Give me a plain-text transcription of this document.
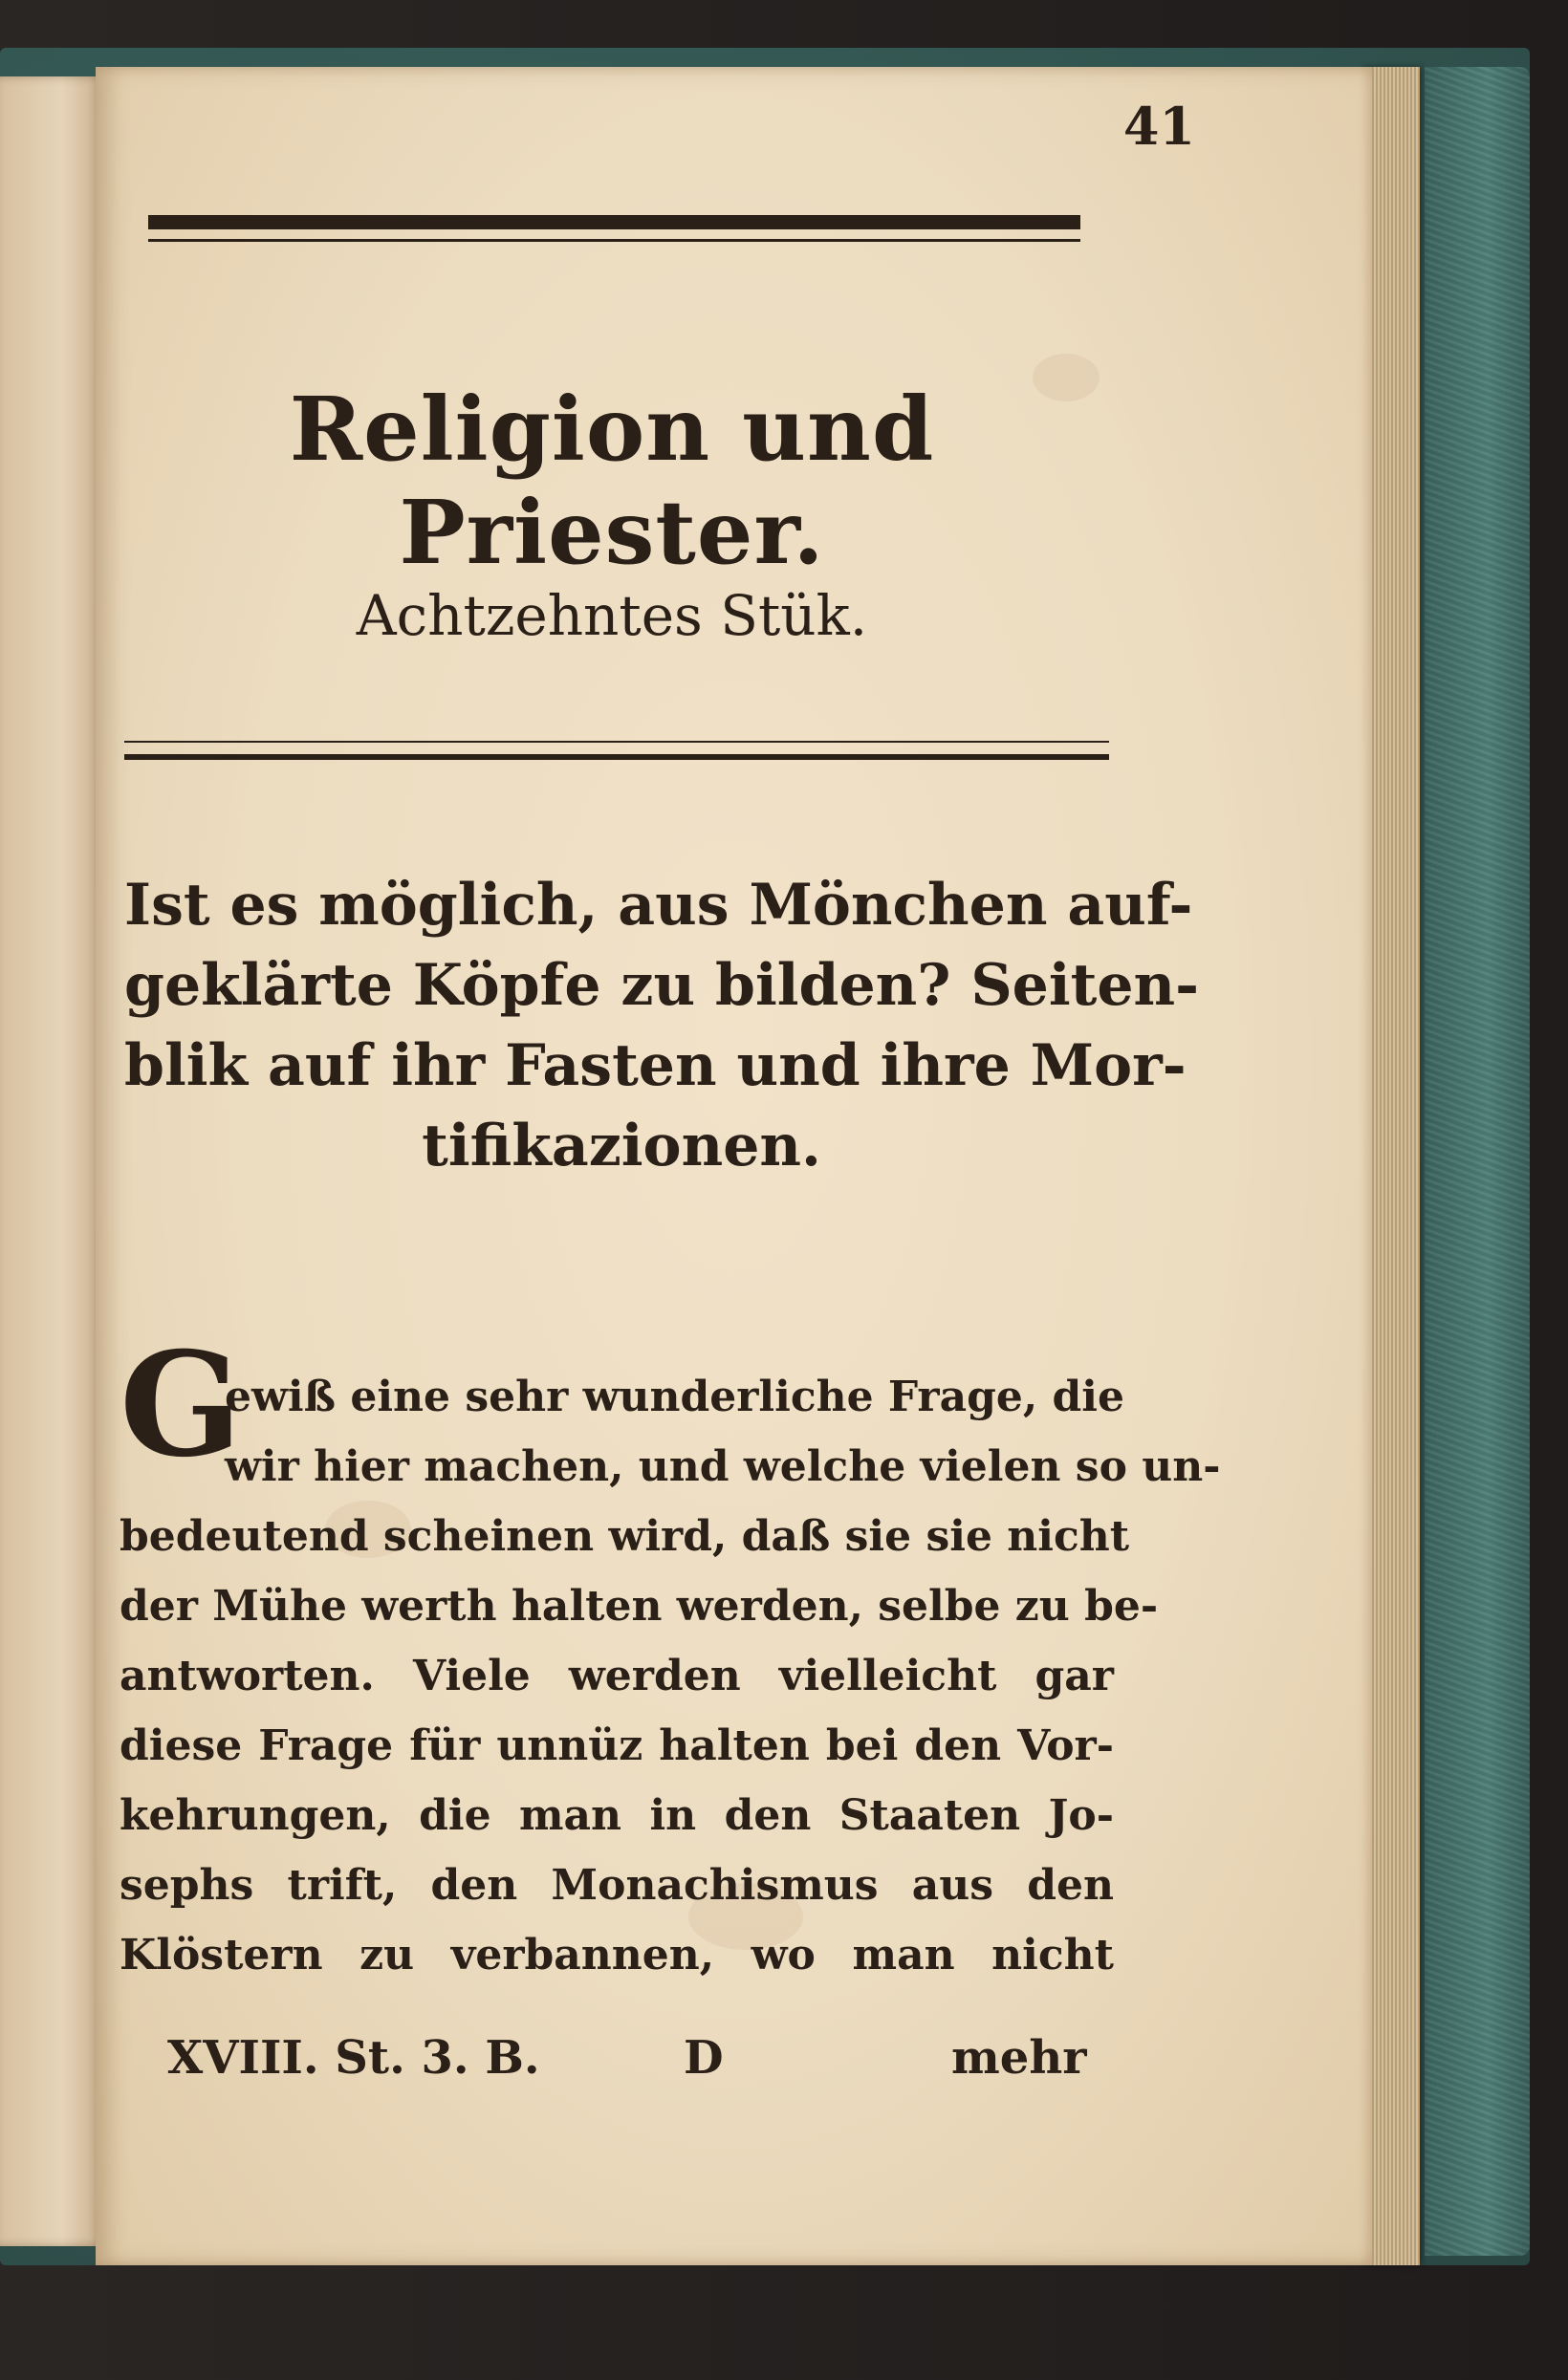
41
Religion und Priester.
Achtzehntes Stük.
Ist es möglich, aus Mönchen auf-
geklärte Köpfe zu bilden? Seiten-
blik auf ihr Fasten und ihre Mor-
tifikazionen.
G
ewiß eine sehr wunderliche Frage, die
wir hier machen, und welche vielen so un-
bedeutend scheinen wird, daß sie sie nicht
der Mühe werth halten werden, selbe zu be-
antworten. Viele werden vielleicht gar
diese Frage für unnüz halten bei den Vor-
kehrungen, die man in den Staaten Jo-
sephs trift, den Monachismus aus den
Klöstern zu verbannen, wo man nicht
XVIII. St. 3. B.	D	mehr
